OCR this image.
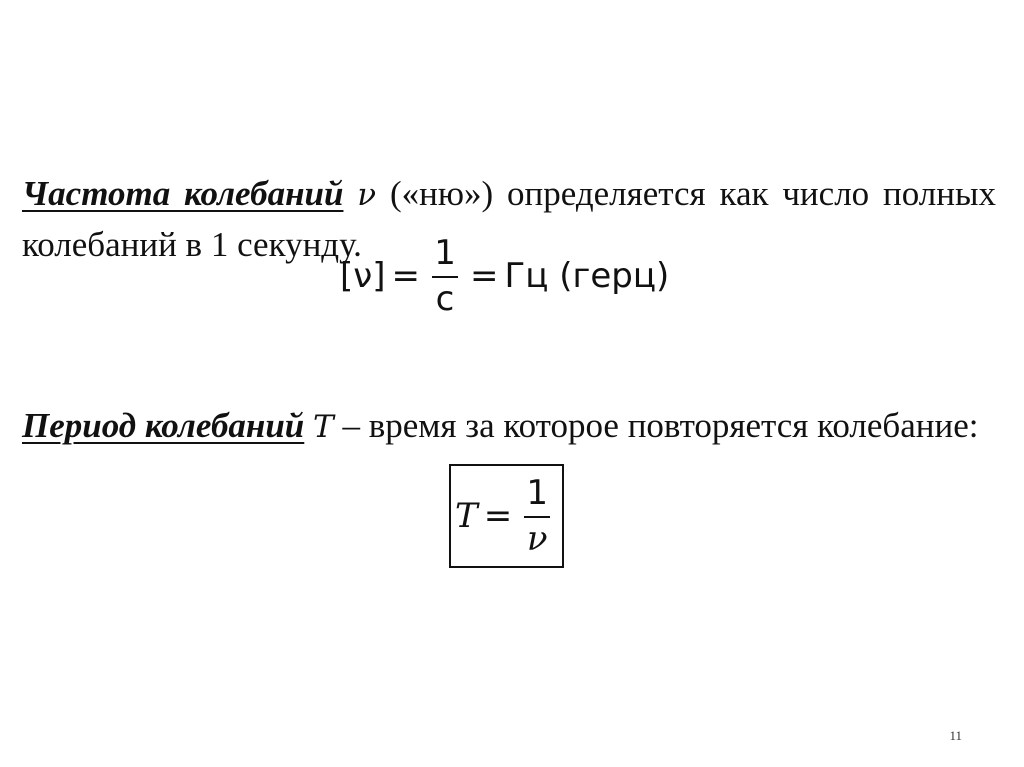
Частота колебаний ν («ню») определяется как число полных колебаний в 1 секунду.

$[\nu] = \frac{1}{с}$ = Гц (герц)

Период колебаний T – время за которое повторяется колебание:

$T = \frac{1}{\nu}$
11
